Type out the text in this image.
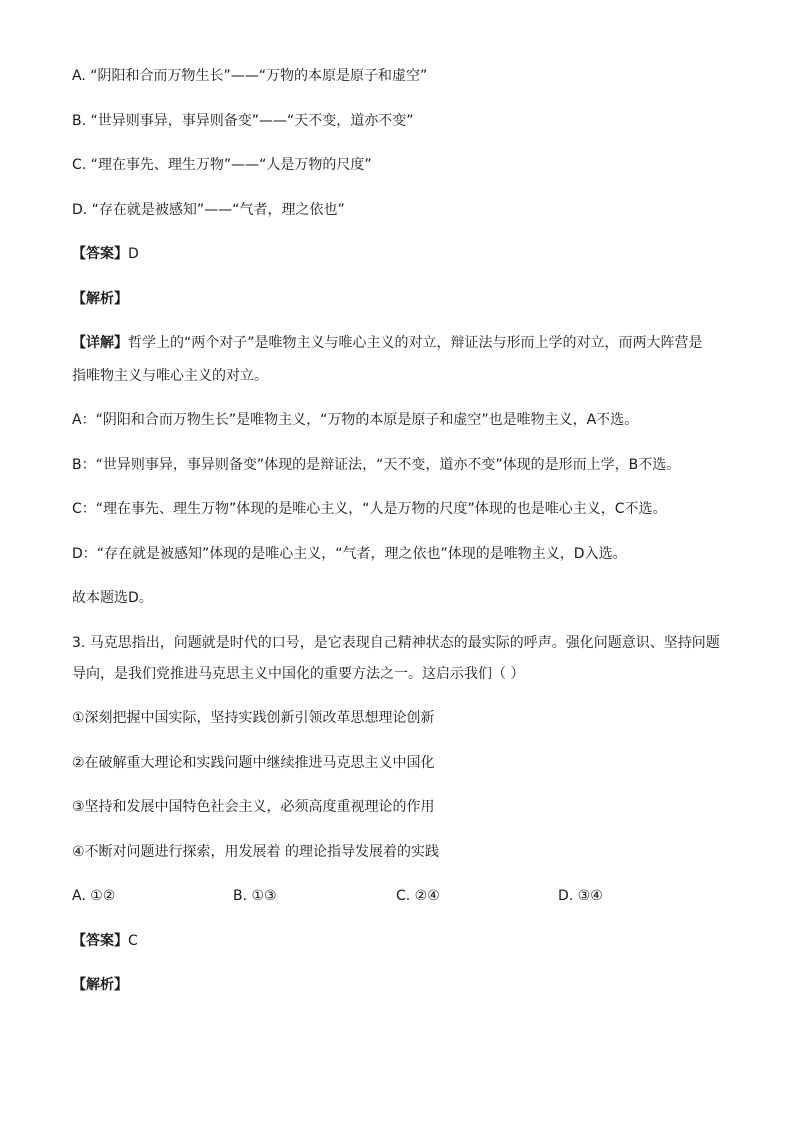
A. “阴阳和合而万物生长”——“万物的本原是原子和虚空”
B. “世异则事异，事异则备变”——“天不变，道亦不变”
C. “理在事先、理生万物”——“人是万物的尺度”
D. “存在就是被感知”——“气者，理之依也”
【答案】D
【解析】
【详解】哲学上的“两个对子”是唯物主义与唯心主义的对立，辩证法与形而上学的对立，而两大阵营是
指唯物主义与唯心主义的对立。
A：“阴阳和合而万物生长”是唯物主义，“万物的本原是原子和虚空”也是唯物主义，A不选。
B：“世异则事异，事异则备变”体现的是辩证法，“天不变，道亦不变”体现的是形而上学，B不选。
C：“理在事先、理生万物”体现的是唯心主义，“人是万物的尺度”体现的也是唯心主义，C不选。
D：“存在就是被感知”体现的是唯心主义，“气者，理之依也”体现的是唯物主义，D入选。
故本题选D。
3. 马克思指出，问题就是时代的口号，是它表现自己精神状态的最实际的呼声。强化问题意识、坚持问题
导向，是我们党推进马克思主义中国化的重要方法之一。这启示我们（ ）
①深刻把握中国实际，坚持实践创新引领改革思想理论创新
②在破解重大理论和实践问题中继续推进马克思主义中国化
③坚持和发展中国特色社会主义，必须高度重视理论的作用
④不断对问题进行探索，用发展着 的理论指导发展着的实践
A. ①②	B. ①③	C. ②④	D. ③④
【答案】C
【解析】
